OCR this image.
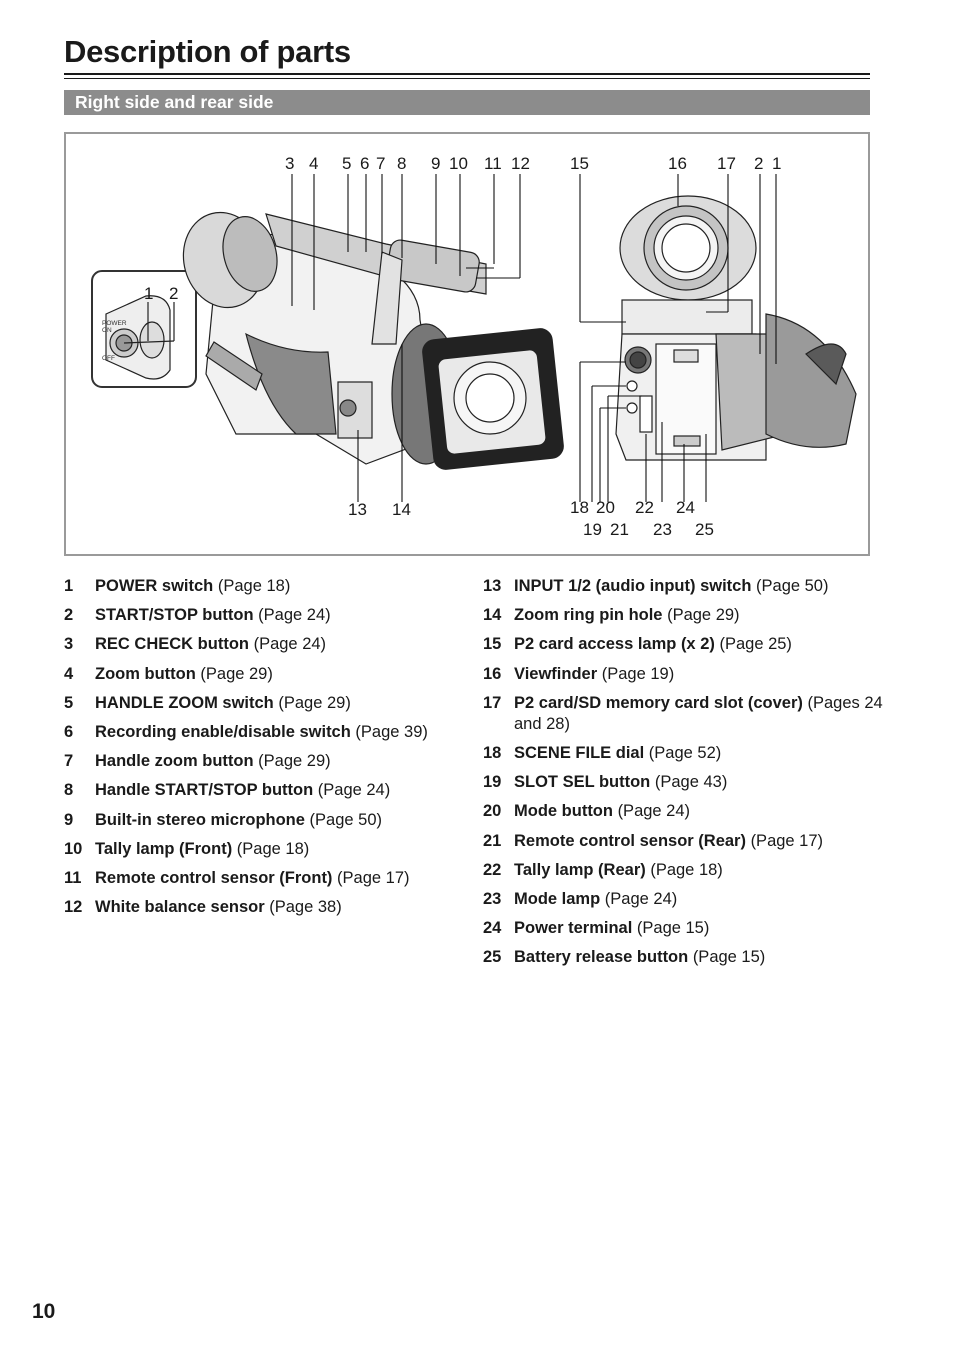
Description of parts
Right side and rear side
POWER
ON
OFF
3 4 5 6 7 8 9 10 11 12 15	16 17 2 1
1 2
13 14	18 20 22 24
19 21 23 25
1 POWER switch (Page 18)
2 START/STOP button (Page 24)
3 REC CHECK button (Page 24)
4 Zoom button (Page 29)
5 HANDLE ZOOM switch (Page 29)
6 Recording enable/disable switch (Page 39)
7 Handle zoom button (Page 29)
8 Handle START/STOP button (Page 24)
9 Built-in stereo microphone (Page 50)
10 Tally lamp (Front) (Page 18)
11 Remote control sensor (Front) (Page 17)
12 White balance sensor (Page 38)
13 INPUT 1/2 (audio input) switch (Page 50)
14 Zoom ring pin hole (Page 29)
15 P2 card access lamp (x 2) (Page 25)
16 Viewfinder (Page 19)
17 P2 card/SD memory card slot (cover) (Pages 24 and 28)
18 SCENE FILE dial (Page 52)
19 SLOT SEL button (Page 43)
20 Mode button (Page 24)
21 Remote control sensor (Rear) (Page 17)
22 Tally lamp (Rear) (Page 18)
23 Mode lamp (Page 24)
24 Power terminal (Page 15)
25 Battery release button (Page 15)
10
